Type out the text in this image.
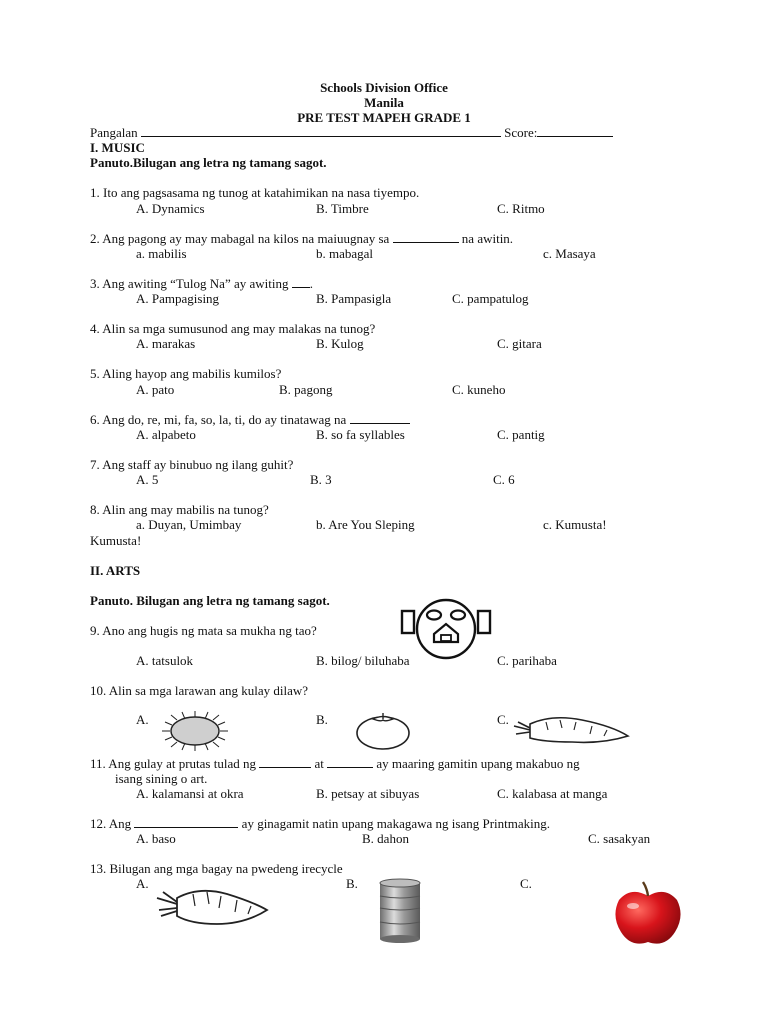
Schools Division Office
Manila
PRE TEST MAPEH GRADE 1
Pangalan	Score:
I. MUSIC
Panuto.Bilugan ang letra ng tamang sagot.
1. Ito ang pagsasama ng tunog at katahimikan na nasa tiyempo.
A. Dynamics	B. Timbre	C. Ritmo
2. Ang pagong ay may mabagal na kilos na maiuugnay sa	na awitin.
a. mabilis	b. mabagal	c. Masaya
3. Ang awiting “Tulog Na” ay awiting .
A. Pampagising	B. Pampasigla	C. pampatulog
4. Alin sa mga sumusunod ang may malakas na tunog?
A. marakas	B. Kulog	C. gitara
5. Aling hayop ang mabilis kumilos?
A. pato	B. pagong	C. kuneho
6. Ang do, re, mi, fa, so, la, ti, do ay tinatawag na
A. alpabeto	B. so fa syllables	C. pantig
7. Ang staff ay binubuo ng ilang guhit?
A. 5	B. 3	C. 6
8. Alin ang may mabilis na tunog?
a. Duyan, Umimbay	b. Are You Sleping	c. Kumusta!
Kumusta!
II. ARTS
Panuto. Bilugan ang letra ng tamang sagot.
9. Ano ang hugis ng mata sa mukha ng tao?
A. tatsulok	B. bilog/ biluhaba	C. parihaba
10. Alin sa mga larawan ang kulay dilaw?
A.	B.	C.
11. Ang gulay at prutas tulad ng	at	ay maaring gamitin upang makabuo ng
isang sining o art.
A. kalamansi at okra	B. petsay at sibuyas	C. kalabasa at manga
12. Ang	ay ginagamit natin upang makagawa ng isang Printmaking.
A. baso	B. dahon	C. sasakyan
13. Bilugan ang mga bagay na pwedeng irecycle
A.	B.	C.
